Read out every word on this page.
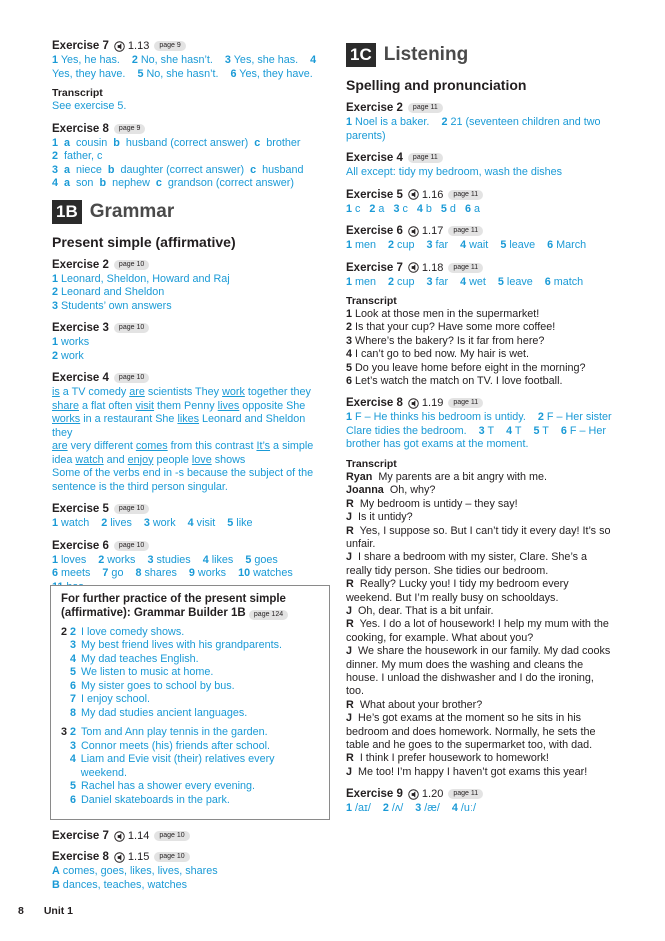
Exercise 7 1.13	page 9
1 Yes, he has. 2 No, she hasn’t. 3 Yes, she has. 4 Yes, they have. 5 No, she hasn’t. 6 Yes, they have.
Transcript
See exercise 5.
Exercise 8	page 9
1 a cousin b husband (correct answer) c brother
2 father, c
3 a niece b daughter (correct answer) c husband
4 a son b nephew c grandson (correct answer)
1B Grammar
Present simple (affirmative)
Exercise 2	page 10
1 Leonard, Sheldon, Howard and Raj
2 Leonard and Sheldon
3 Students’ own answers
Exercise 3	page 10
1 works
2 work
Exercise 4	page 10
is a TV comedy are scientists They work together they
share a flat often visit them Penny lives opposite She
works in a restaurant She likes Leonard and Sheldon they
are very different comes from this contrast It’s a simple
idea watch and enjoy people love shows
Some of the verbs end in -s because the subject of the sentence is the third person singular.
Exercise 5	page 10
1 watch 2 lives 3 work 4 visit 5 like
Exercise 6	page 10
1 loves 2 works 3 studies 4 likes 5 goes
6 meets 7 go 8 shares 9 works 10 watches
For further practice of the present simple (affirmative): Grammar Builder 1B page 124
2 2 I love comedy shows.
3 My best friend lives with his grandparents.
4 My dad teaches English.
5 We listen to music at home.
6 My sister goes to school by bus.
7 I enjoy school.
8 My dad studies ancient languages.
3 2 Tom and Ann play tennis in the garden.
3 Connor meets (his) friends after school.
4 Liam and Evie visit (their) relatives every weekend.
5 Rachel has a shower every evening.
6 Daniel skateboards in the park.
Exercise 7 1.14	page 10
Exercise 8 1.15	page 10
A comes, goes, likes, lives, shares
B dances, teaches, watches
1C Listening
Spelling and pronunciation
Exercise 2	page 11
1 Noel is a baker. 2 21 (seventeen children and two parents)
Exercise 4	page 11
All except: tidy my bedroom, wash the dishes
Exercise 5 1.16	page 11
1 c 2 a 3 c 4 b 5 d 6 a
Exercise 6 1.17	page 11
1 men 2 cup 3 far 4 wait 5 leave 6 March
Exercise 7 1.18	page 11
1 men 2 cup 3 far 4 wet 5 leave 6 match
Transcript
1 Look at those men in the supermarket!
2 Is that your cup? Have some more coffee!
3 Where’s the bakery? Is it far from here?
4 I can’t go to bed now. My hair is wet.
5 Do you leave home before eight in the morning?
6 Let’s watch the match on TV. I love football.
Exercise 8 1.19	page 11
1 F – He thinks his bedroom is untidy. 2 F – Her sister Clare tidies the bedroom. 3 T 4 T 5 T 6 F – Her brother has got exams at the moment.
Transcript
Ryan My parents are a bit angry with me.
Joanna Oh, why?
R My bedroom is untidy – they say!
J Is it untidy?
R Yes, I suppose so. But I can’t tidy it every day! It’s so unfair.
J I share a bedroom with my sister, Clare. She’s a really tidy person. She tidies our bedroom.
R Really? Lucky you! I tidy my bedroom every weekend. But I’m really busy on schooldays.
J Oh, dear. That is a bit unfair.
R Yes. I do a lot of housework! I help my mum with the cooking, for example. What about you?
J We share the housework in our family. My dad cooks dinner. My mum does the washing and cleans the house. I unload the dishwasher and I do the ironing, too.
R What about your brother?
J He’s got exams at the moment so he sits in his bedroom and does homework. Normally, he sets the table and he goes to the supermarket too, with dad.
R I think I prefer housework to homework!
J Me too! I’m happy I haven’t got exams this year!
Exercise 9 1.20	page 11
1 /aɪ/ 2 /ʌ/ 3 /æ/ 4 /uː/
8 Unit 1
